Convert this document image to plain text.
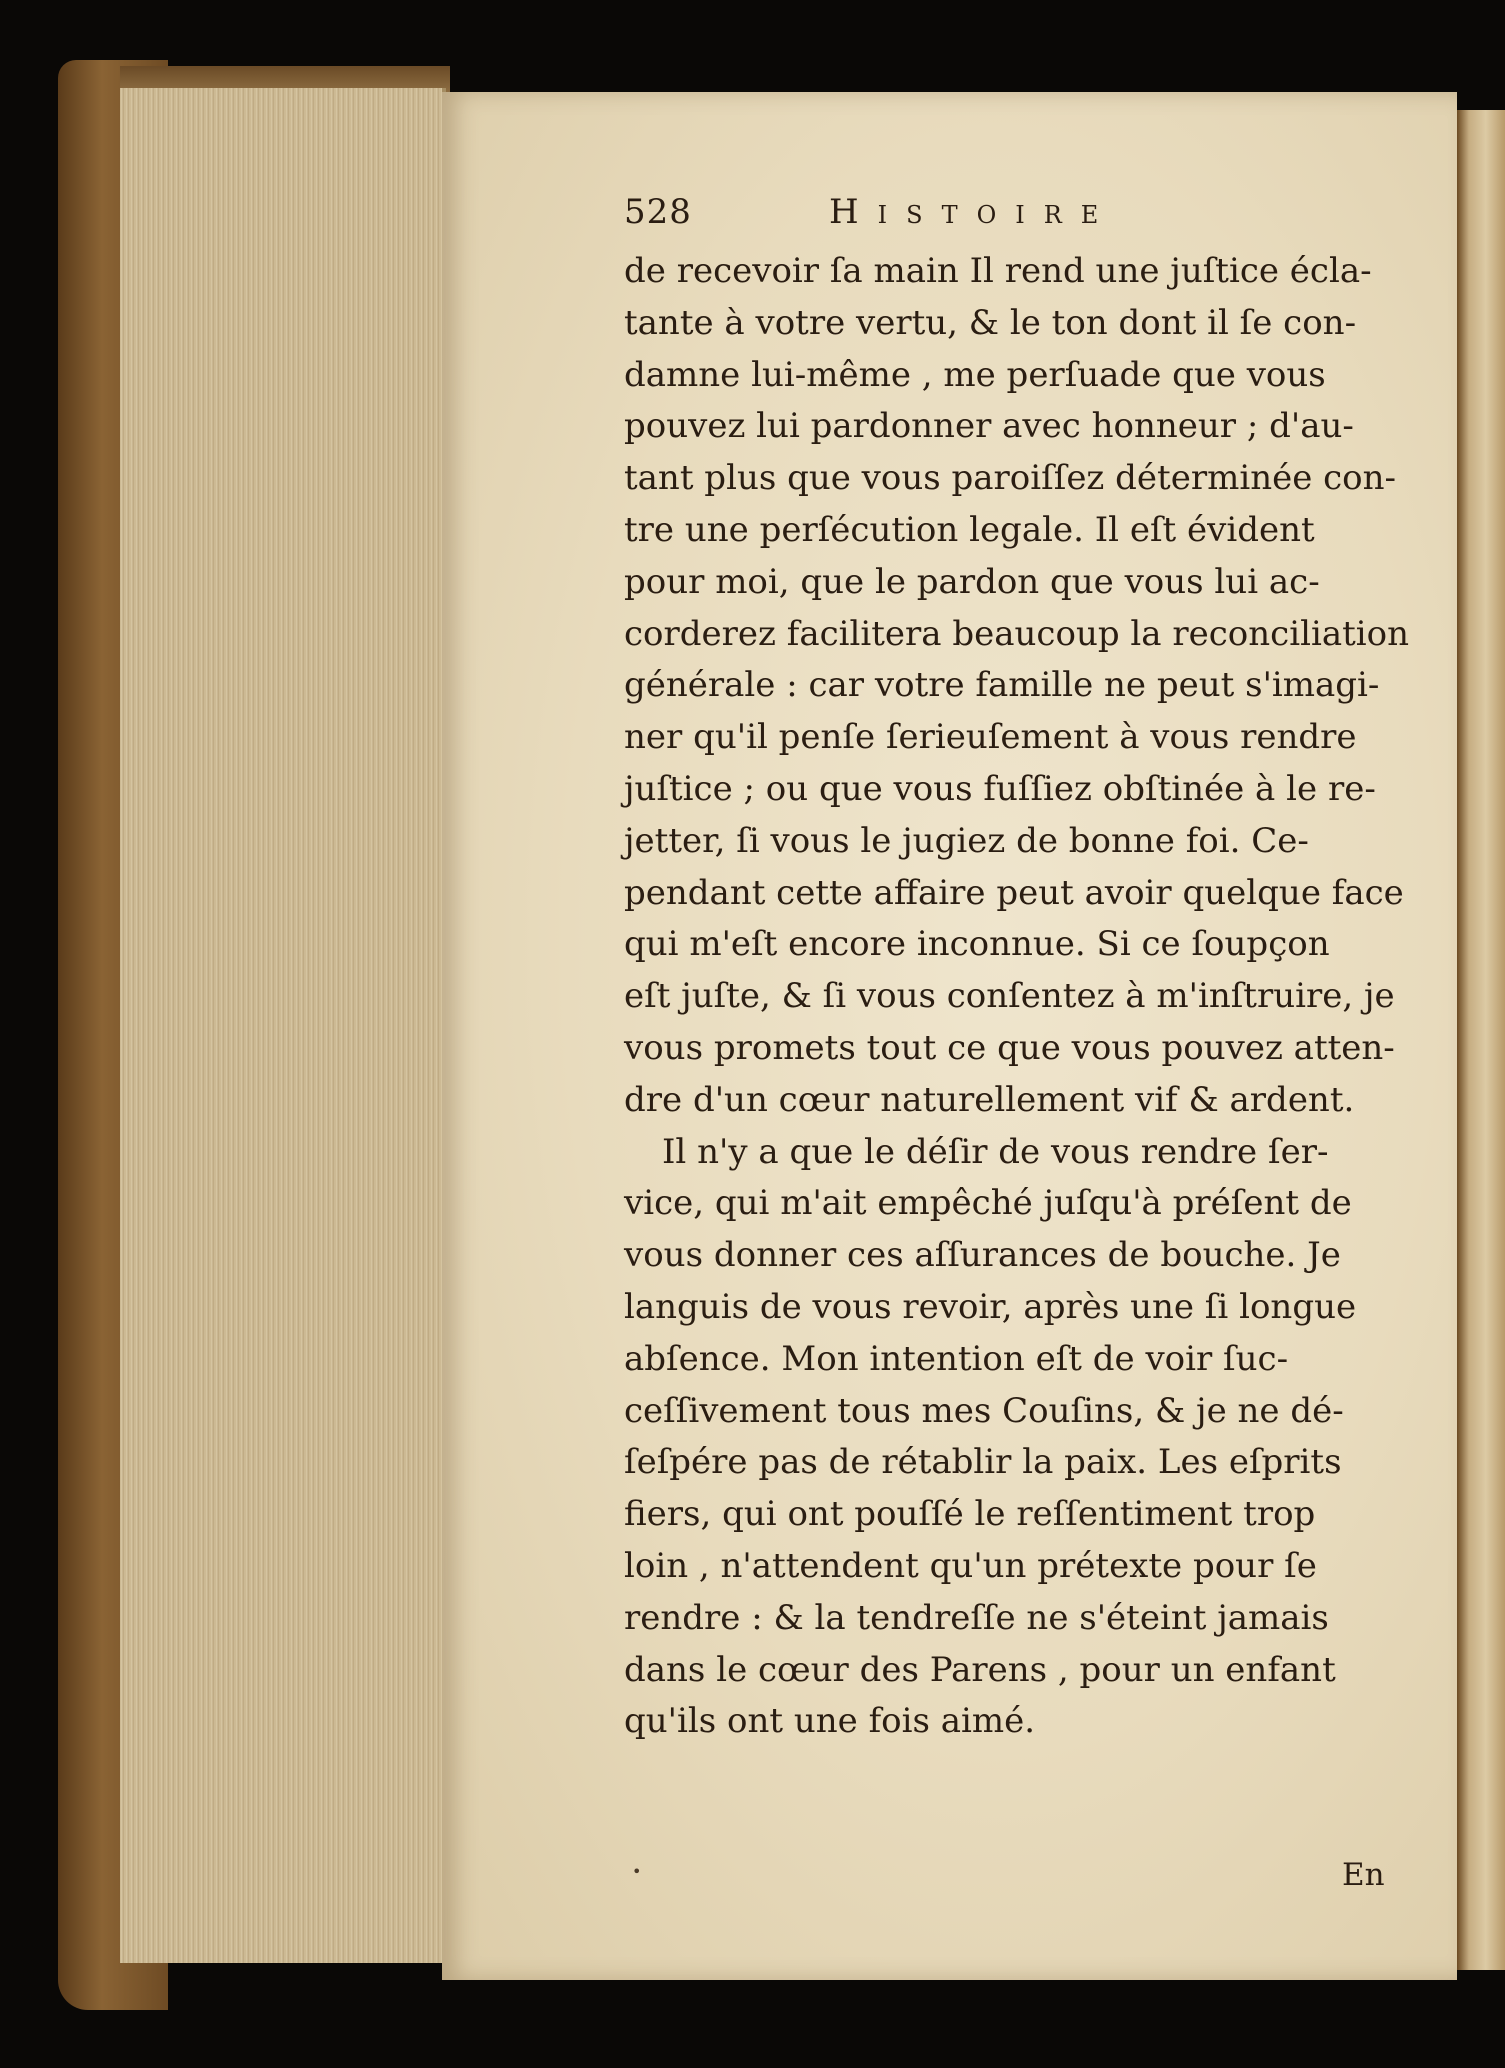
528	Histoire
de recevoir ſa main Il rend une juſtice écla-
tante à votre vertu, & le ton dont il ſe con-
damne lui-même , me perſuade que vous
pouvez lui pardonner avec honneur ; d'au-
tant plus que vous paroiſſez déterminée con-
tre une perſécution legale. Il eſt évident
pour moi, que le pardon que vous lui ac-
corderez facilitera beaucoup la reconciliation
générale : car votre famille ne peut s'imagi-
ner qu'il penſe ſerieuſement à vous rendre
juſtice ; ou que vous fuſſiez obſtinée à le re-
jetter, ſi vous le jugiez de bonne foi. Ce-
pendant cette affaire peut avoir quelque face
qui m'eſt encore inconnue. Si ce ſoupçon
eſt juſte, & ſi vous conſentez à m'inſtruire, je
vous promets tout ce que vous pouvez atten-
dre d'un cœur naturellement vif & ardent.
Il n'y a que le déſir de vous rendre ſer-
vice, qui m'ait empêché juſqu'à préſent de
vous donner ces aſſurances de bouche. Je
languis de vous revoir, après une ſi longue
abſence. Mon intention eſt de voir ſuc-
ceſſivement tous mes Couſins, & je ne dé-
ſeſpére pas de rétablir la paix. Les eſprits
fiers, qui ont pouſſé le reſſentiment trop
loin , n'attendent qu'un prétexte pour ſe
rendre : & la tendreſſe ne s'éteint jamais
dans le cœur des Parens , pour un enfant
qu'ils ont une fois aimé.
•	En
